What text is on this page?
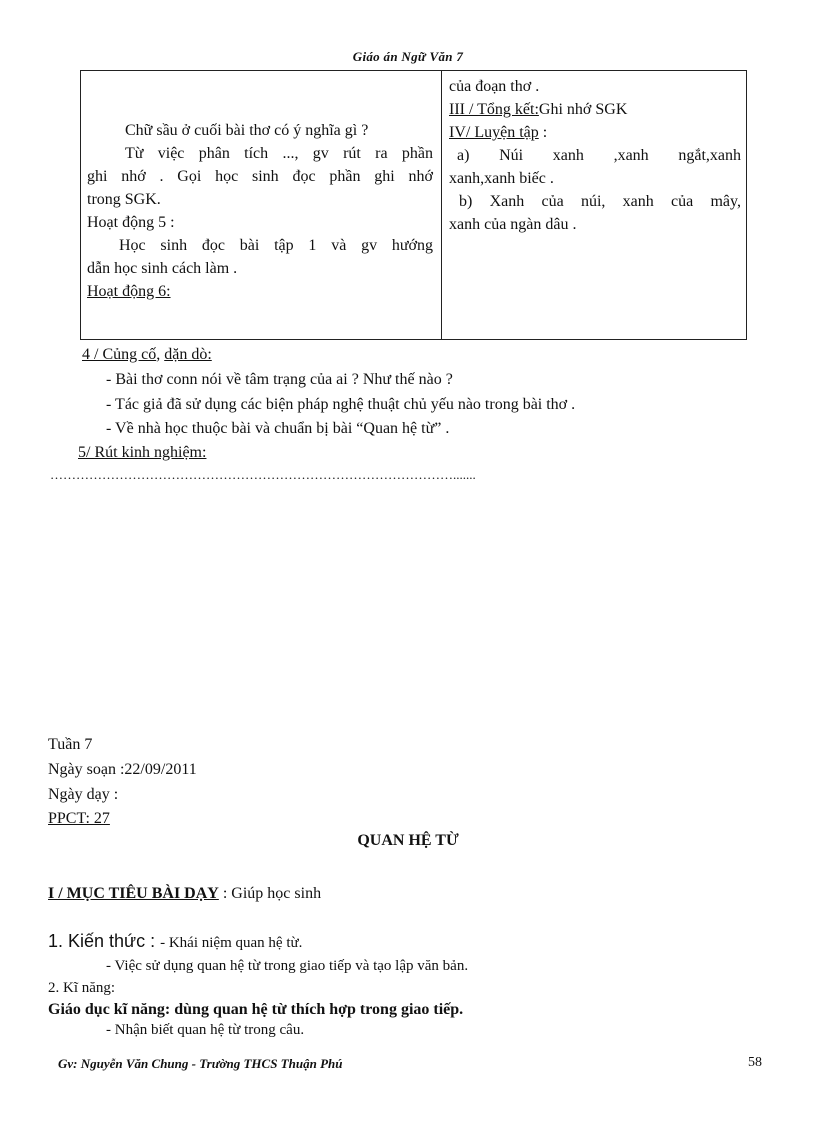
Giáo án Ngữ Văn 7
Chữ sầu ở cuối bài thơ có ý nghĩa gì ?
Từ việc phân tích ..., gv rút ra phần
ghi nhớ . Gọi học sinh đọc phần ghi nhớ
trong SGK.
Hoạt động 5 :
Học sinh đọc bài tập 1 và gv hướng
dẫn học sinh cách làm .
Hoạt động 6:
của đoạn thơ .
III / Tổng kết:Ghi nhớ SGK
IV/ Luyện tập :
a) Núi xanh ,xanh ngắt,xanh
xanh,xanh biếc .
b) Xanh của núi, xanh của mây,
xanh của ngàn dâu .
4 / Củng cố, dặn dò:
- Bài thơ conn nói về tâm trạng của ai ? Như thế nào ?
- Tác giả đã sử dụng các biện pháp nghệ thuật chủ yếu nào trong bài thơ .
- Về nhà học thuộc bài và chuẩn bị bài “Quan hệ từ” .
5/ Rút kinh nghiệm:
………………………………………………………………………………….......
Tuần 7
Ngày soạn :22/09/2011
Ngày dạy :
PPCT: 27
QUAN HỆ TỪ
I / MỤC TIÊU BÀI DẠY : Giúp học sinh
1. Kiến thức : - Khái niệm quan hệ từ.
- Việc sử dụng quan hệ từ trong giao tiếp và tạo lập văn bản.
2. Kĩ năng:
Giáo dục kĩ năng: dùng quan hệ từ thích hợp trong giao tiếp.
- Nhận biết quan hệ từ trong câu.
Gv: Nguyễn Văn Chung - Trường THCS Thuận Phú	58
